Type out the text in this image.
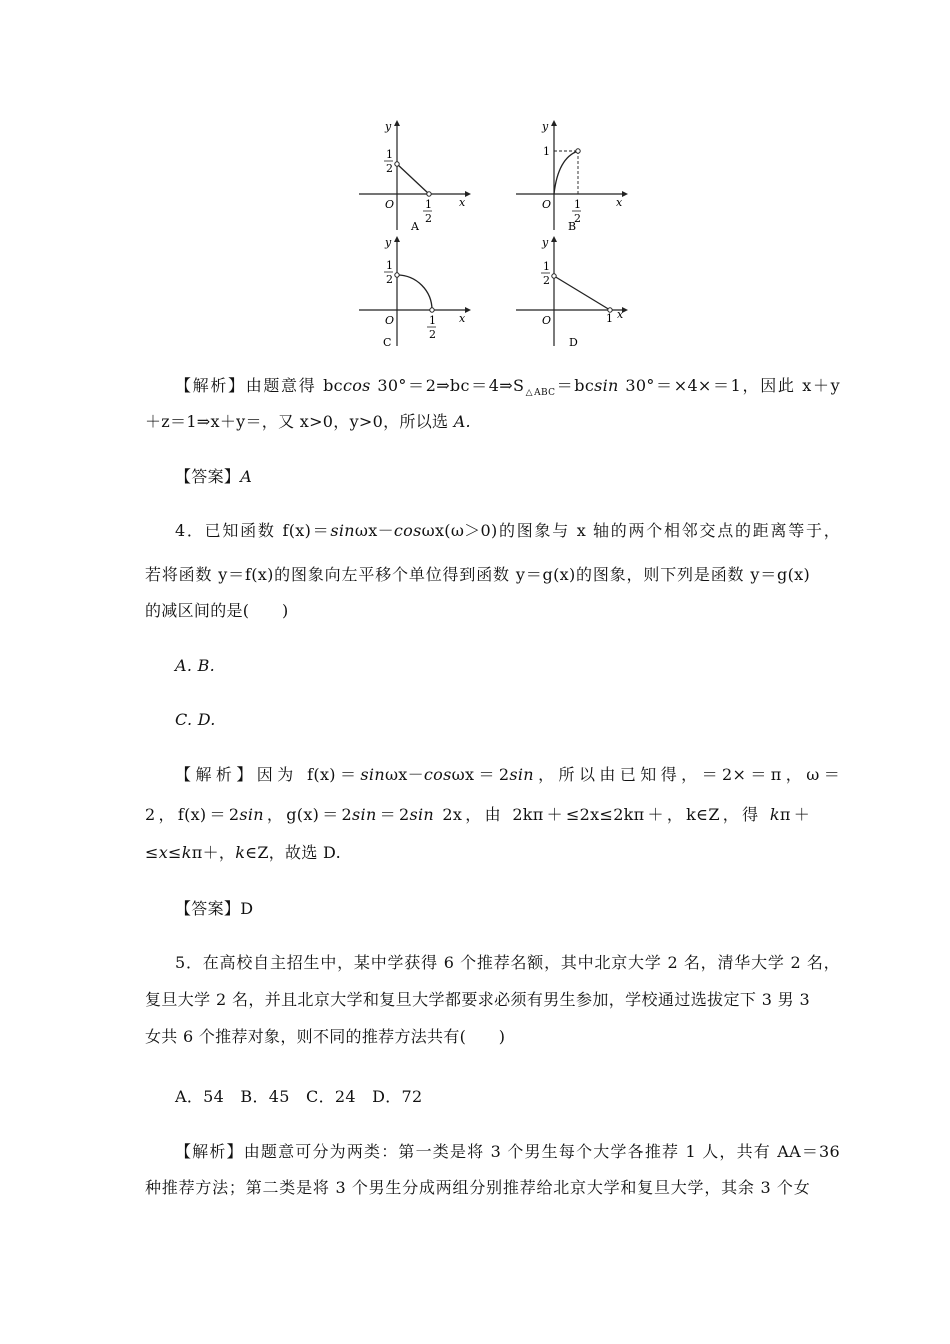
y
x
O
1
2
1
2
A
y
x
O
1
1
2
B
y
x
O
1
2
1
2
C
y
x
O
1
2
1
D
【解析】由题意得 bccos $30^\circ=2\Rightarrow bc=4\Rightarrow S_{\triangle ABC}=bcsin$ 30°＝×4×＝1，因此 x＋y
＋z＝1⇒x＋y＝，又 x>0，y>0，所以选 A.
【答案】A
4．已知函数 f(x)＝sinωx－cosωx(ω＞0)的图象与 x 轴的两个相邻交点的距离等于，
若将函数 y＝f(x)的图象向左平移个单位得到函数 y＝g(x)的图象，则下列是函数 y＝g(x)
的减区间的是(　　)
A. B.
C. D.
【解析】因为 f(x)＝sinωx－cosωx＝2sin，所以由已知得，＝2×＝π，ω＝
2，f(x)＝2sin，g(x)＝2sin＝2sin 2x，由 2kπ＋≤2x≤2kπ＋，k∈Z，得 kπ＋
≤x≤kπ＋，k∈Z，故选 D.
【答案】D
5．在高校自主招生中，某中学获得 6 个推荐名额，其中北京大学 2 名，清华大学 2 名，
复旦大学 2 名，并且北京大学和复旦大学都要求必须有男生参加，学校通过选拔定下 3 男 3
女共 6 个推荐对象，则不同的推荐方法共有(　　)
A．54　B．45　C．24　D．72
【解析】由题意可分为两类：第一类是将 3 个男生每个大学各推荐 1 人，共有 AA＝36
种推荐方法；第二类是将 3 个男生分成两组分别推荐给北京大学和复旦大学，其余 3 个女
